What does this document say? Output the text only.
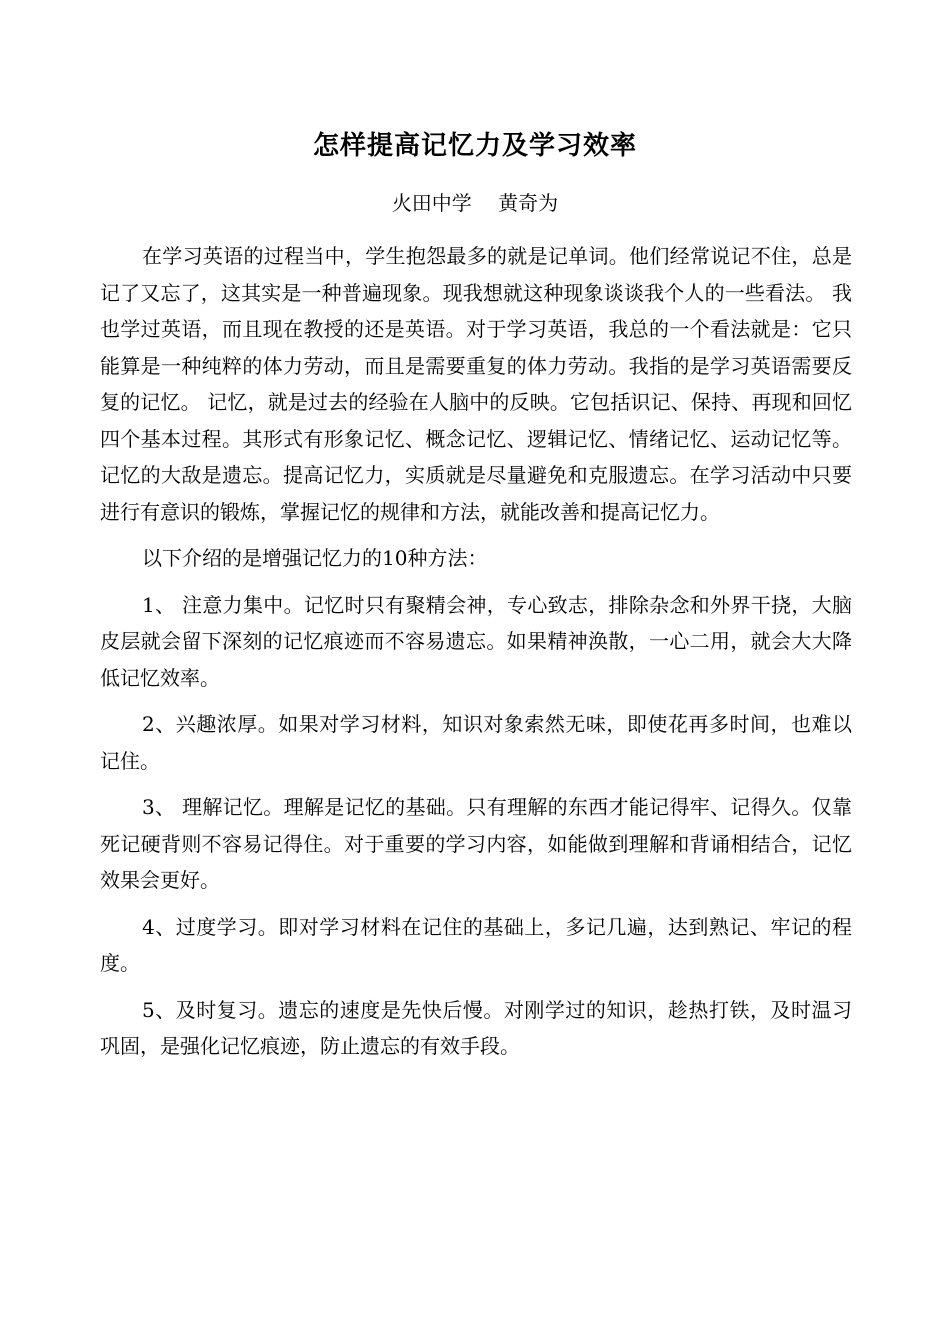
怎样提高记忆力及学习效率
火田中学　 黄奇为

在学习英语的过程当中，学生抱怨最多的就是记单词。他们经常说记不住，总是记了又忘了，这其实是一种普遍现象。现我想就这种现象谈谈我个人的一些看法。 我也学过英语，而且现在教授的还是英语。对于学习英语，我总的一个看法就是：它只能算是一种纯粹的体力劳动，而且是需要重复的体力劳动。我指的是学习英语需要反复的记忆。 记忆，就是过去的经验在人脑中的反映。它包括识记、保持、再现和回忆四个基本过程。其形式有形象记忆、概念记忆、逻辑记忆、情绪记忆、运动记忆等。 记忆的大敌是遗忘。提高记忆力，实质就是尽量避免和克服遗忘。在学习活动中只要进行有意识的锻炼，掌握记忆的规律和方法，就能改善和提高记忆力。

以下介绍的是增强记忆力的10种方法：

1、 注意力集中。记忆时只有聚精会神，专心致志，排除杂念和外界干挠，大脑皮层就会留下深刻的记忆痕迹而不容易遗忘。如果精神涣散，一心二用，就会大大降低记忆效率。

2、兴趣浓厚。如果对学习材料，知识对象索然无味，即使花再多时间，也难以记住。

3、 理解记忆。理解是记忆的基础。只有理解的东西才能记得牢、记得久。仅靠死记硬背则不容易记得住。对于重要的学习内容，如能做到理解和背诵相结合，记忆效果会更好。

4、过度学习。即对学习材料在记住的基础上，多记几遍，达到熟记、牢记的程度。

5、及时复习。遗忘的速度是先快后慢。对刚学过的知识，趁热打铁，及时温习巩固，是强化记忆痕迹，防止遗忘的有效手段。
